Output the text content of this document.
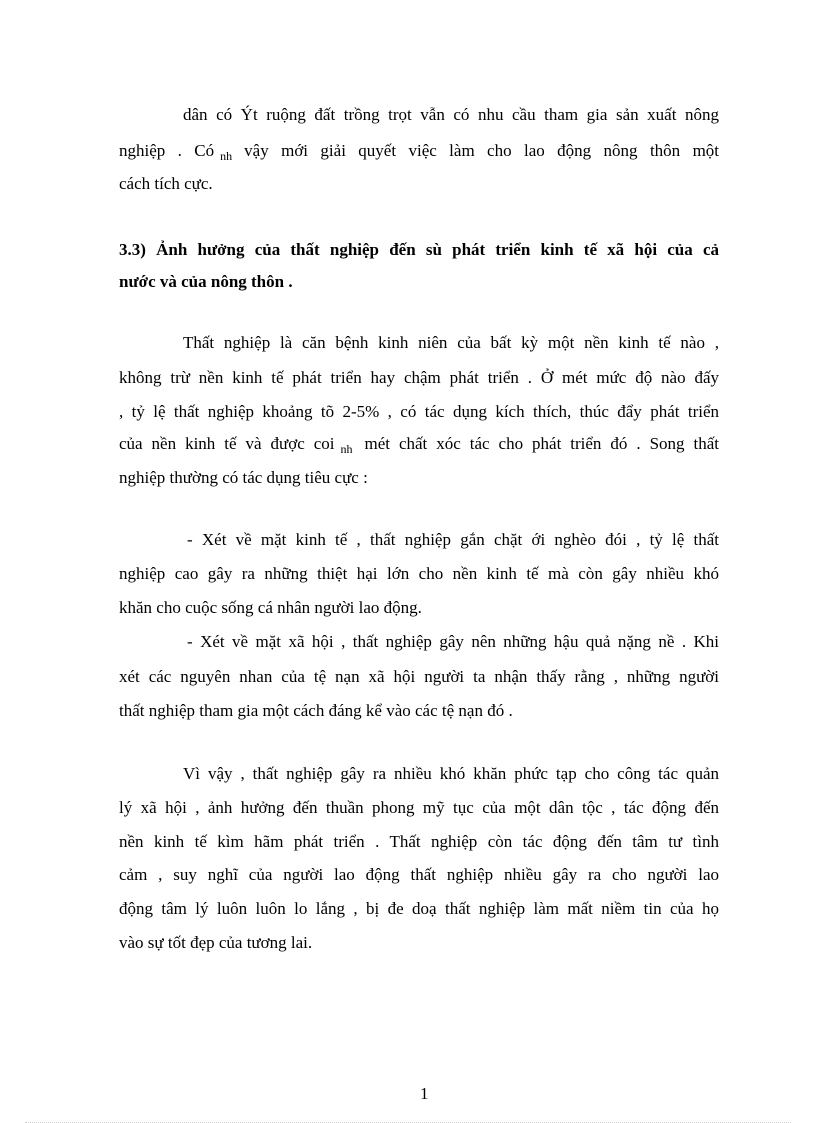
dân có Ýt ruộng đất trồng trọt vẫn có nhu cầu tham gia sản xuất nông
nghiệp . Có $_{nh}$ vậy mới giải quyết việc làm cho lao động nông thôn một
cách tích cực.
3.3) Ảnh hưởng của thất nghiệp đến sù phát triển kinh tế xã hội của cả
nước và của nông thôn .
Thất nghiệp là căn bệnh kinh niên của bất kỳ một nền kinh tế nào ,
không trừ nền kinh tế phát triển hay chậm phát triển . Ở mét mức độ nào đấy
, tỷ lệ thất nghiệp khoảng tõ 2-5% , có tác dụng kích thích, thúc đẩy phát triển
của nền kinh tế và được coi $_{nh}$ mét chất xóc tác cho phát triển đó . Song thất
nghiệp thường có tác dụng tiêu cực :
- Xét về mặt kinh tế , thất nghiệp gắn chặt ới nghèo đói , tỷ lệ thất
nghiệp cao gây ra những thiệt hại lớn cho nền kinh tế mà còn gây nhiều khó
khăn cho cuộc sống cá nhân người lao động.
- Xét về mặt xã hội , thất nghiệp gây nên những hậu quả nặng nề . Khi
xét các nguyên nhan của tệ nạn xã hội người ta nhận thấy rằng , những người
thất nghiệp tham gia một cách đáng kể vào các tệ nạn đó .
Vì vậy , thất nghiệp gây ra nhiều khó khăn phức tạp cho công tác quản
lý xã hội , ảnh hưởng đến thuần phong mỹ tục của một dân tộc , tác động đến
nền kinh tế kìm hãm phát triển . Thất nghiệp còn tác động đến tâm tư tình
cảm , suy nghĩ của người lao động thất nghiệp nhiều gây ra cho người lao
động tâm lý luôn luôn lo lắng , bị đe doạ thất nghiệp làm mất niềm tin của họ
vào sự tốt đẹp của tương lai.
1
